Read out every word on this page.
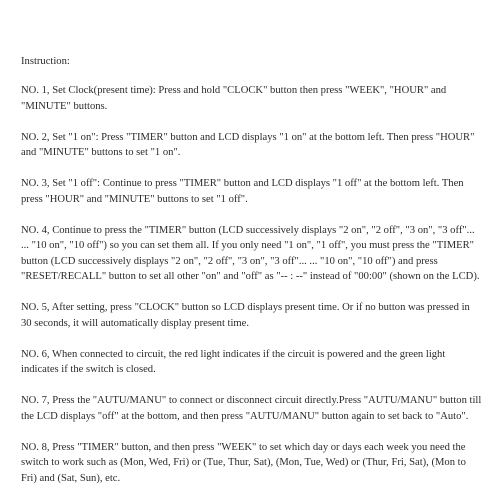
Instruction:

NO. 1, Set Clock(present time): Press and hold "CLOCK" button then press "WEEK", "HOUR" and "MINUTE" buttons.

NO. 2, Set "1 on": Press "TIMER" button and LCD displays "1 on" at the bottom left. Then press "HOUR" and "MINUTE" buttons to set "1 on".

NO. 3, Set "1 off": Continue to press "TIMER" button and LCD displays "1 off" at the bottom left. Then press "HOUR" and "MINUTE" buttons to set "1 off".

NO. 4, Continue to press the "TIMER" button (LCD successively displays "2 on", "2 off", "3 on", "3 off"... ... "10 on", "10 off") so you can set them all. If you only need "1 on", "1 off", you must press the "TIMER" button (LCD successively displays "2 on", "2 off", "3 on", "3 off"... ... "10 on", "10 off") and press "RESET/RECALL" button to set all other "on" and "off" as "-- : --" instead of "00:00" (shown on the LCD).

NO. 5, After setting, press "CLOCK" button so LCD displays present time. Or if no button was pressed in 30 seconds, it will automatically display present time.

NO. 6, When connected to circuit, the red light indicates if the circuit is powered and the green light indicates if the switch is closed.

NO. 7, Press the "AUTU/MANU" to connect or disconnect circuit directly.Press "AUTU/MANU" button till the LCD displays "off" at the bottom, and then press "AUTU/MANU" button again to set back to "Auto".

NO. 8, Press "TIMER" button, and then press "WEEK" to set which day or days each week you need the switch to work such as (Mon, Wed, Fri) or (Tue, Thur, Sat), (Mon, Tue, Wed) or (Thur, Fri, Sat), (Mon to Fri) and (Sat, Sun), etc.
